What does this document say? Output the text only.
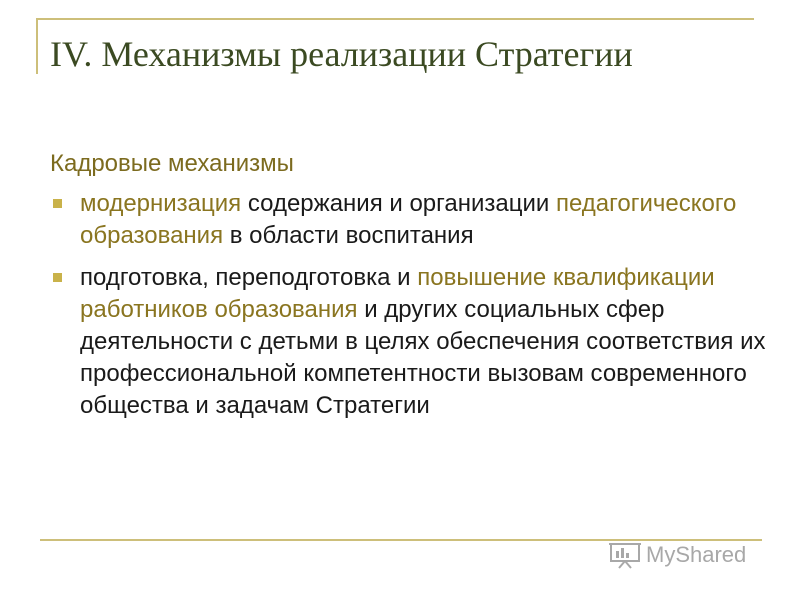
IV. Механизмы реализации Стратегии
Кадровые механизмы
модернизация содержания и организации педагогического образования в области воспитания
подготовка, переподготовка и повышение квалификации работников образования и других социальных сфер деятельности с детьми в целях обеспечения соответствия их профессиональной компетентности вызовам современного общества и задачам Стратегии
MyShared
